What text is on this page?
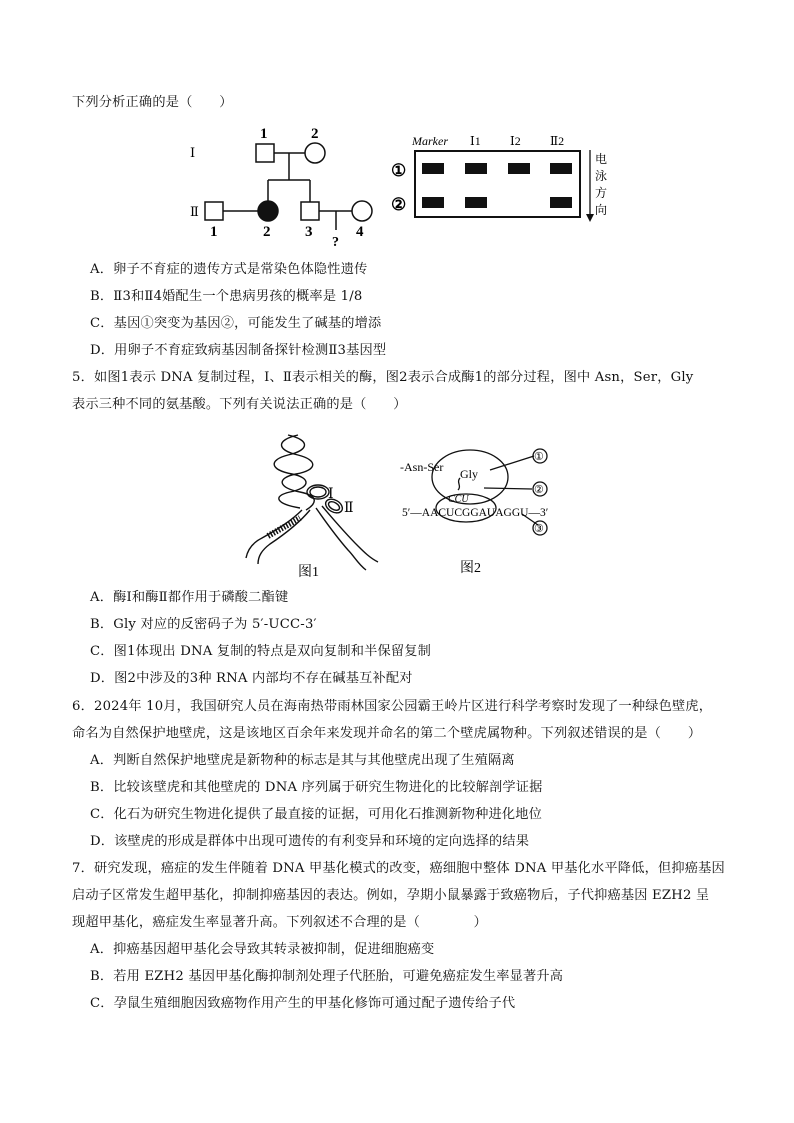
下列分析正确的是（　　）
Ⅰ
Ⅱ
1	2
1	2 3
?
4
Marker Ⅰ1 Ⅰ2 Ⅱ2
①
②
电
泳
方
向
A．卵子不育症的遗传方式是常染色体隐性遗传
B．Ⅱ3和Ⅱ4婚配生一个患病男孩的概率是 1/8
C．基因①突变为基因②，可能发生了碱基的增添
D．用卵子不育症致病基因制备探针检测Ⅱ3基因型
5．如图1表示 DNA 复制过程，Ⅰ、Ⅱ表示相关的酶，图2表示合成酶1的部分过程，图中 Asn，Ser，Gly
表示三种不同的氨基酸。下列有关说法正确的是（　　）
Ⅰ
Ⅱ
图1
-Asn-Ser Gly
CCU
5′—AACUCGGAUAGGU—3′
①
②
③
图2
A．酶Ⅰ和酶Ⅱ都作用于磷酸二酯键
B．Gly 对应的反密码子为 5′-UCC-3′
C．图1体现出 DNA 复制的特点是双向复制和半保留复制
D．图2中涉及的3种 RNA 内部均不存在碱基互补配对
6．2024年 10月，我国研究人员在海南热带雨林国家公园霸王岭片区进行科学考察时发现了一种绿色壁虎，
命名为自然保护地壁虎，这是该地区百余年来发现并命名的第二个壁虎属物种。下列叙述错误的是（　　）
A．判断自然保护地壁虎是新物种的标志是其与其他壁虎出现了生殖隔离
B．比较该壁虎和其他壁虎的 DNA 序列属于研究生物进化的比较解剖学证据
C．化石为研究生物进化提供了最直接的证据，可用化石推测新物种进化地位
D．该壁虎的形成是群体中出现可遗传的有利变异和环境的定向选择的结果
7．研究发现，癌症的发生伴随着 DNA 甲基化模式的改变，癌细胞中整体 DNA 甲基化水平降低，但抑癌基因
启动子区常发生超甲基化，抑制抑癌基因的表达。例如，孕期小鼠暴露于致癌物后，子代抑癌基因 EZH2 呈
现超甲基化，癌症发生率显著升高。下列叙述不合理的是（　　　　）
A．抑癌基因超甲基化会导致其转录被抑制，促进细胞癌变
B．若用 EZH2 基因甲基化酶抑制剂处理子代胚胎，可避免癌症发生率显著升高
C．孕鼠生殖细胞因致癌物作用产生的甲基化修饰可通过配子遗传给子代
